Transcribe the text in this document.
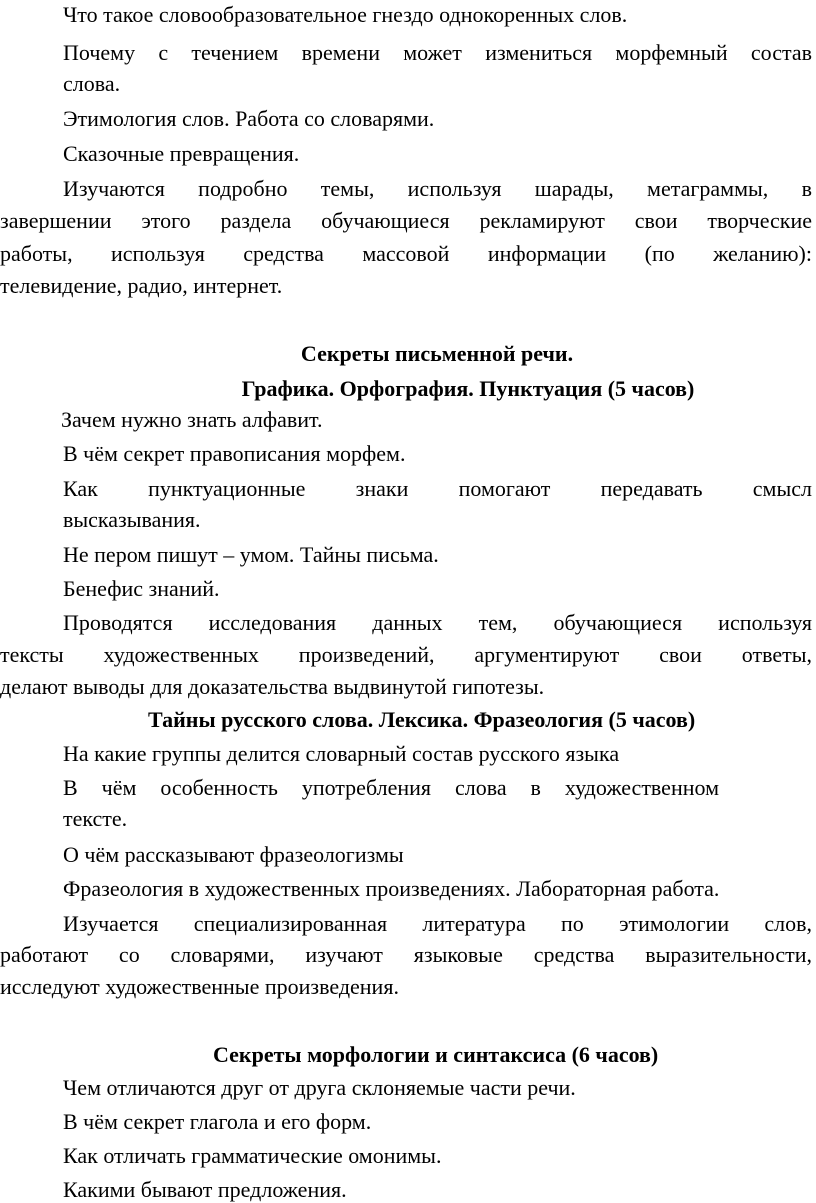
Что такое словообразовательное гнездо однокоренных слов.
Почему с течением времени может измениться морфемный состав
слова.
Этимология слов. Работа со словарями.
Сказочные превращения.
Изучаются подробно темы, используя шарады, метаграммы, в
завершении этого раздела обучающиеся рекламируют свои творческие
работы, используя средства массовой информации (по желанию):
телевидение, радио, интернет.
Секреты письменной речи.
Графика. Орфография. Пунктуация (5 часов)
Зачем нужно знать алфавит.
В чём секрет правописания морфем.
Как пунктуационные знаки помогают передавать смысл
высказывания.
Не пером пишут – умом. Тайны письма.
Бенефис знаний.
Проводятся исследования данных тем, обучающиеся используя
тексты художественных произведений, аргументируют свои ответы,
делают выводы для доказательства выдвинутой гипотезы.
Тайны русского слова. Лексика. Фразеология (5 часов)
На какие группы делится словарный состав русского языка
В чём особенность употребления слова в художественном
тексте.
О чём рассказывают фразеологизмы
Фразеология в художественных произведениях. Лабораторная работа.
Изучается специализированная литература по этимологии слов,
работают со словарями, изучают языковые средства выразительности,
исследуют художественные произведения.
Секреты морфологии и синтаксиса (6 часов)
Чем отличаются друг от друга склоняемые части речи.
В чём секрет глагола и его форм.
Как отличать грамматические омонимы.
Какими бывают предложения.
